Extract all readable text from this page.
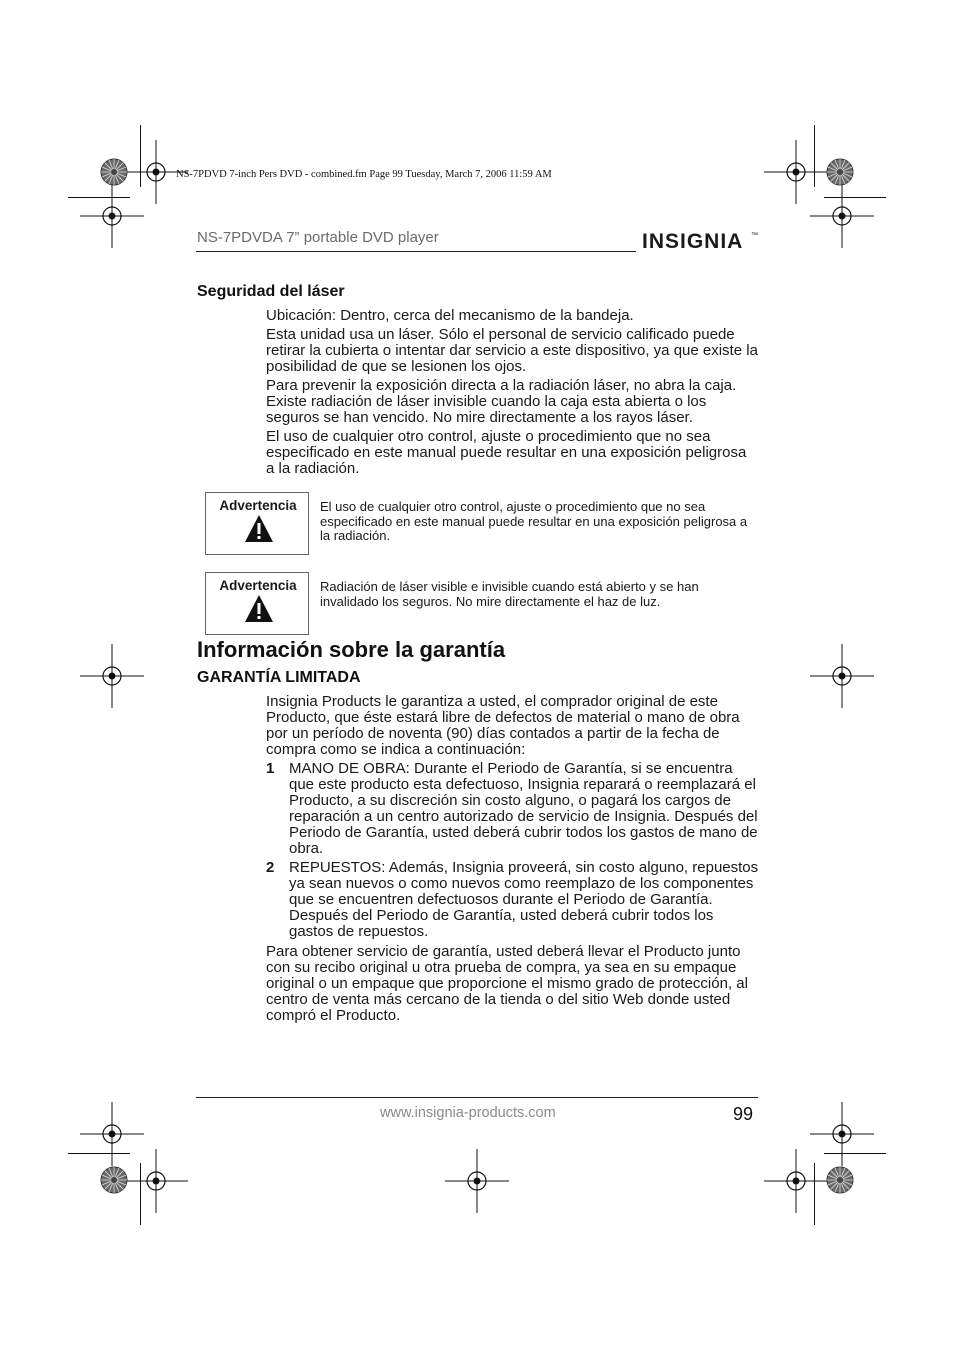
NS-7PDVD 7-inch Pers DVD - combined.fm Page 99 Tuesday, March 7, 2006 11:59 AM
NS-7PDVDA 7” portable DVD player	INSIGNIA ™
Seguridad del láser

Ubicación: Dentro, cerca del mecanismo de la bandeja.

Esta unidad usa un láser. Sólo el personal de servicio calificado puede retirar la cubierta o intentar dar servicio a este dispositivo, ya que existe la posibilidad de que se lesionen los ojos.

Para prevenir la exposición directa a la radiación láser, no abra la caja. Existe radiación de láser invisible cuando la caja esta abierta o los seguros se han vencido. No mire directamente a los rayos láser.

El uso de cualquier otro control, ajuste o procedimiento que no sea especificado en este manual puede resultar en una exposición peligrosa a la radiación.

Advertencia	El uso de cualquier otro control, ajuste o procedimiento que no sea especificado en este manual puede resultar en una exposición peligrosa a la radiación.

Advertencia	Radiación de láser visible e invisible cuando está abierto y se han invalidado los seguros. No mire directamente el haz de luz.

Información sobre la garantía
GARANTÍA LIMITADA

Insignia Products le garantiza a usted, el comprador original de este Producto, que éste estará libre de defectos de material o mano de obra por un período de noventa (90) días contados a partir de la fecha de compra como se indica a continuación:

1 MANO DE OBRA: Durante el Periodo de Garantía, si se encuentra que este producto esta defectuoso, Insignia reparará o reemplazará el Producto, a su discreción sin costo alguno, o pagará los cargos de reparación a un centro autorizado de servicio de Insignia. Después del Periodo de Garantía, usted deberá cubrir todos los gastos de mano de obra.

2 REPUESTOS: Además, Insignia proveerá, sin costo alguno, repuestos ya sean nuevos o como nuevos como reemplazo de los componentes que se encuentren defectuosos durante el Periodo de Garantía. Después del Periodo de Garantía, usted deberá cubrir todos los gastos de repuestos.

Para obtener servicio de garantía, usted deberá llevar el Producto junto con su recibo original u otra prueba de compra, ya sea en su empaque original o un empaque que proporcione el mismo grado de protección, al centro de venta más cercano de la tienda o del sitio Web donde usted compró el Producto.

www.insignia-products.com	99
